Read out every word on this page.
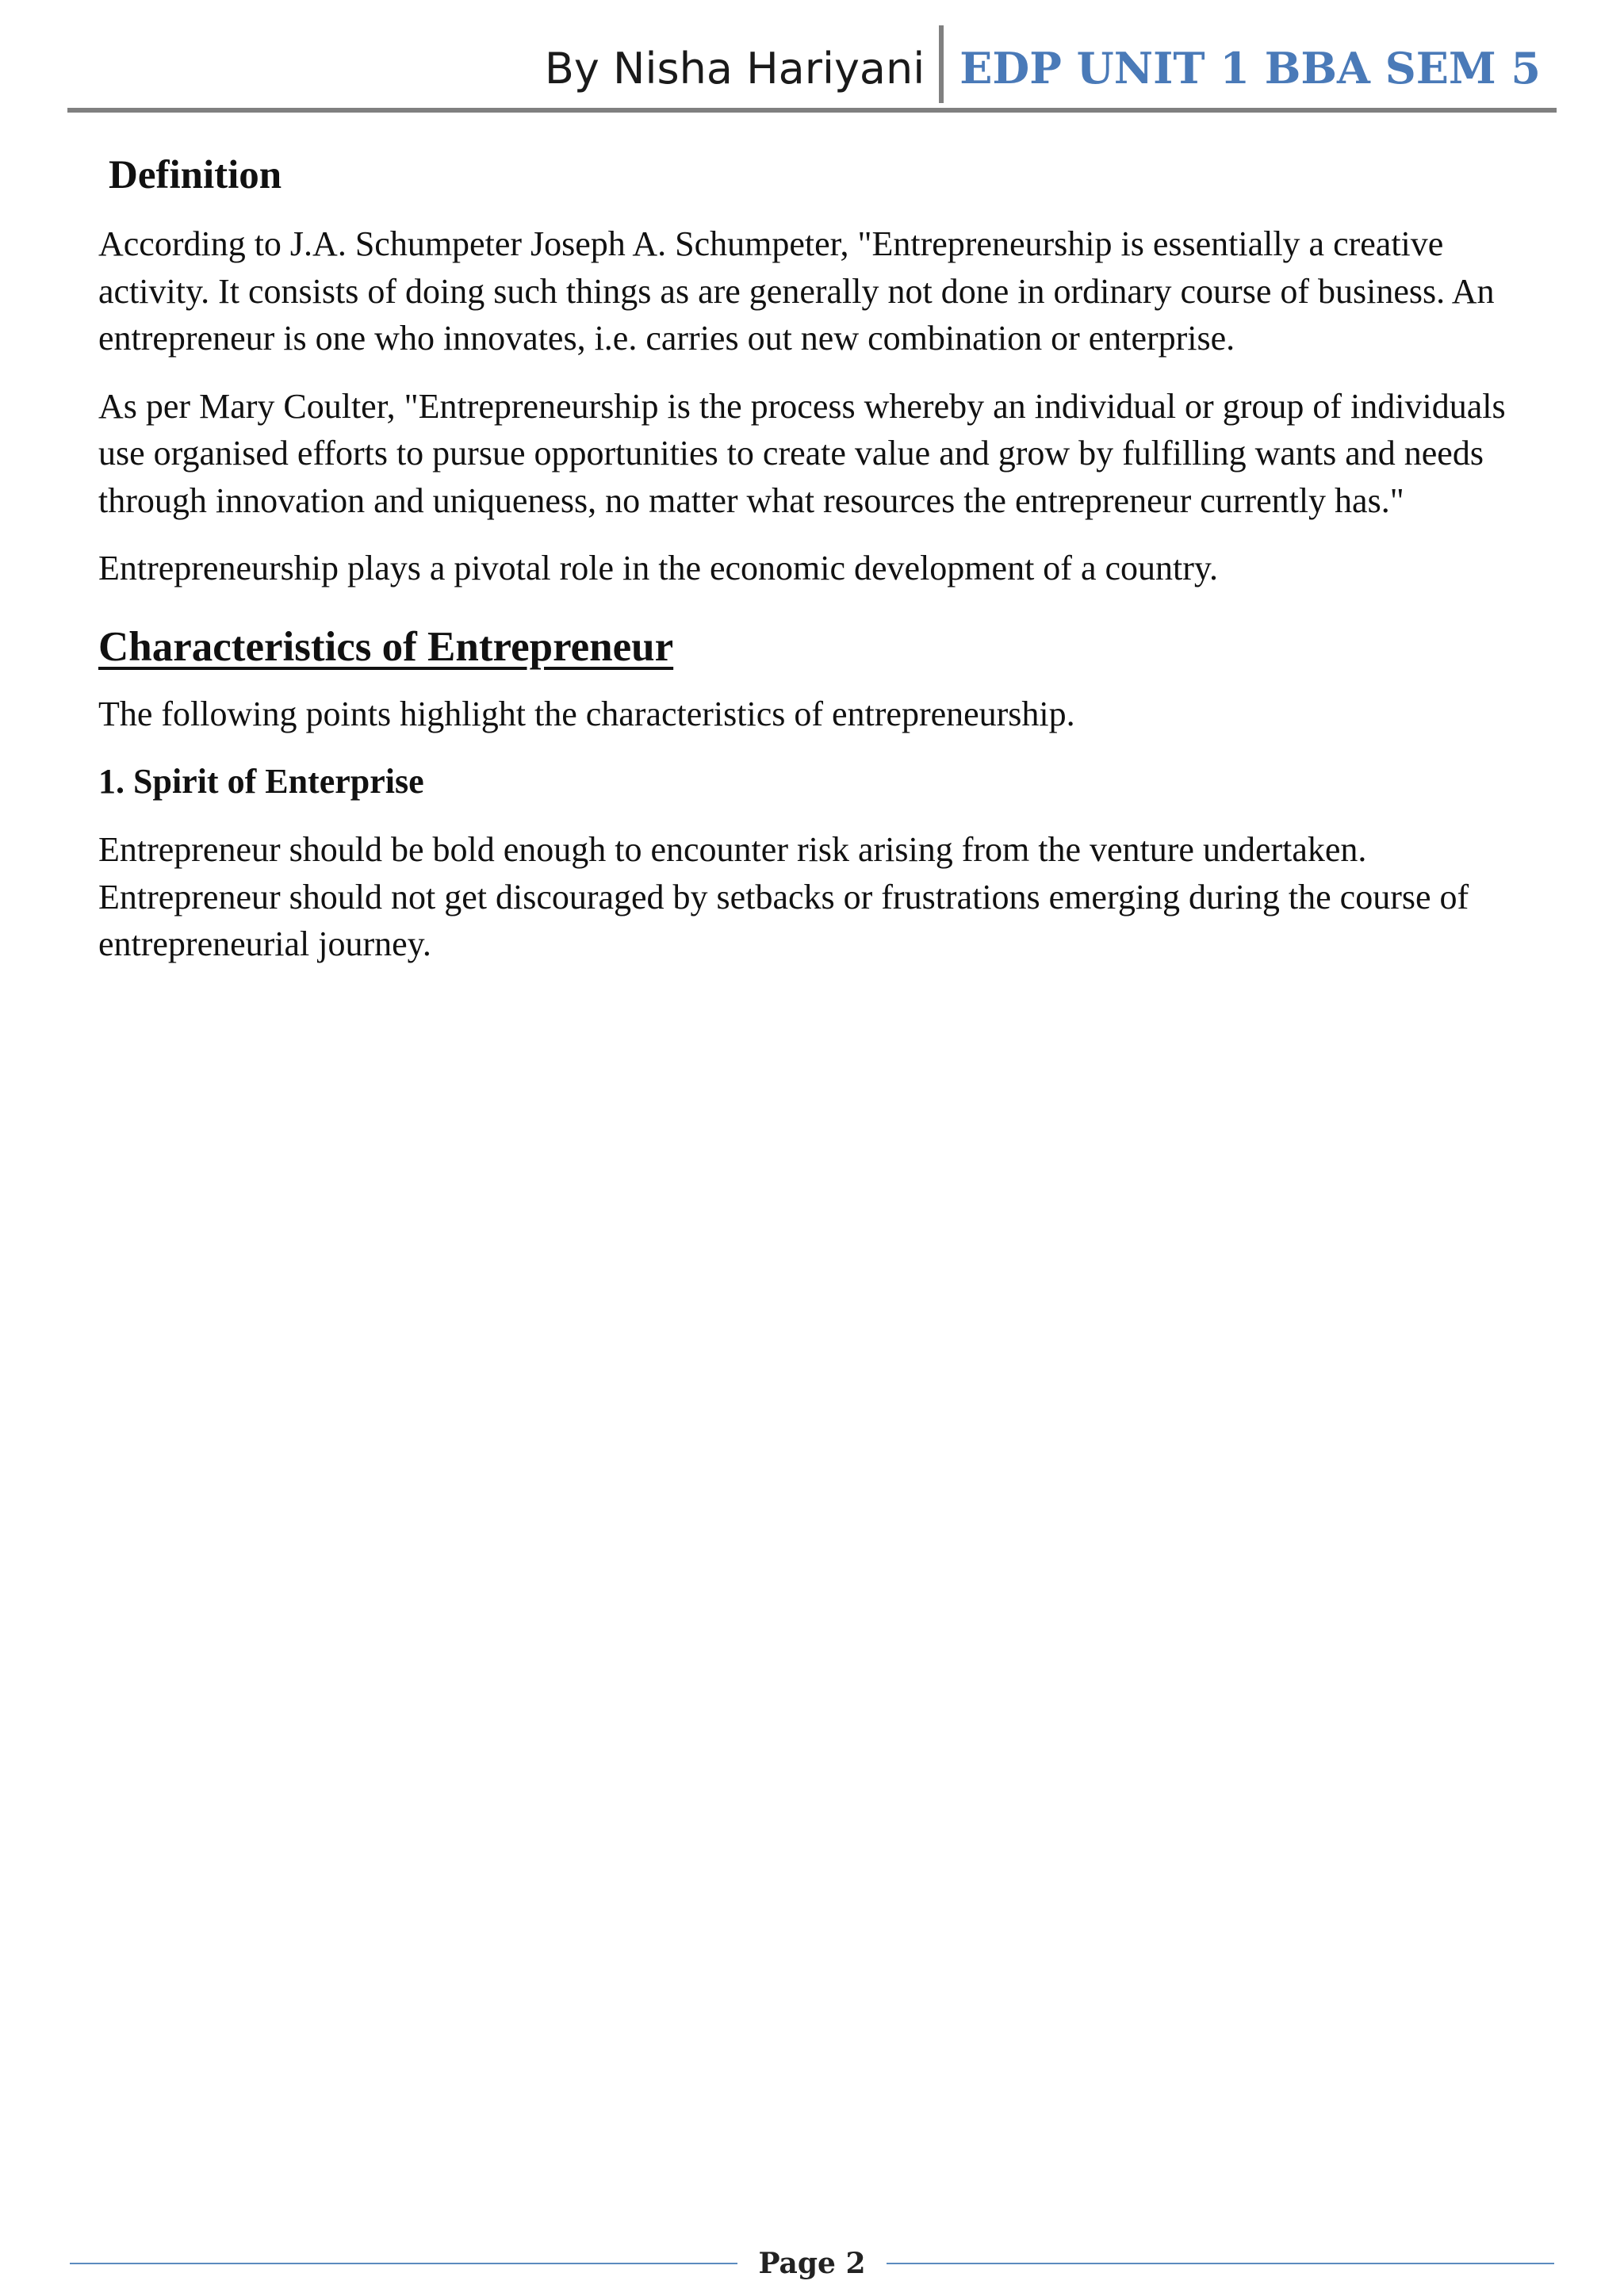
By Nisha Hariyani EDP UNIT 1 BBA SEM 5
Definition

According to J.A. Schumpeter Joseph A. Schumpeter, "Entrepreneurship is essentially a creative activity. It consists of doing such things as are generally not done in ordinary course of business. An entrepreneur is one who innovates, i.e. carries out new combination or enterprise.

As per Mary Coulter, "Entrepreneurship is the process whereby an individual or group of individuals use organised efforts to pursue opportunities to create value and grow by fulfilling wants and needs through innovation and uniqueness, no matter what resources the entrepreneur currently has."

Entrepreneurship plays a pivotal role in the economic development of a country.

Characteristics of Entrepreneur

The following points highlight the characteristics of entrepreneurship.

1. Spirit of Enterprise

Entrepreneur should be bold enough to encounter risk arising from the venture undertaken. Entrepreneur should not get discouraged by setbacks or frustrations emerging during the course of entrepreneurial journey.

Page 2
